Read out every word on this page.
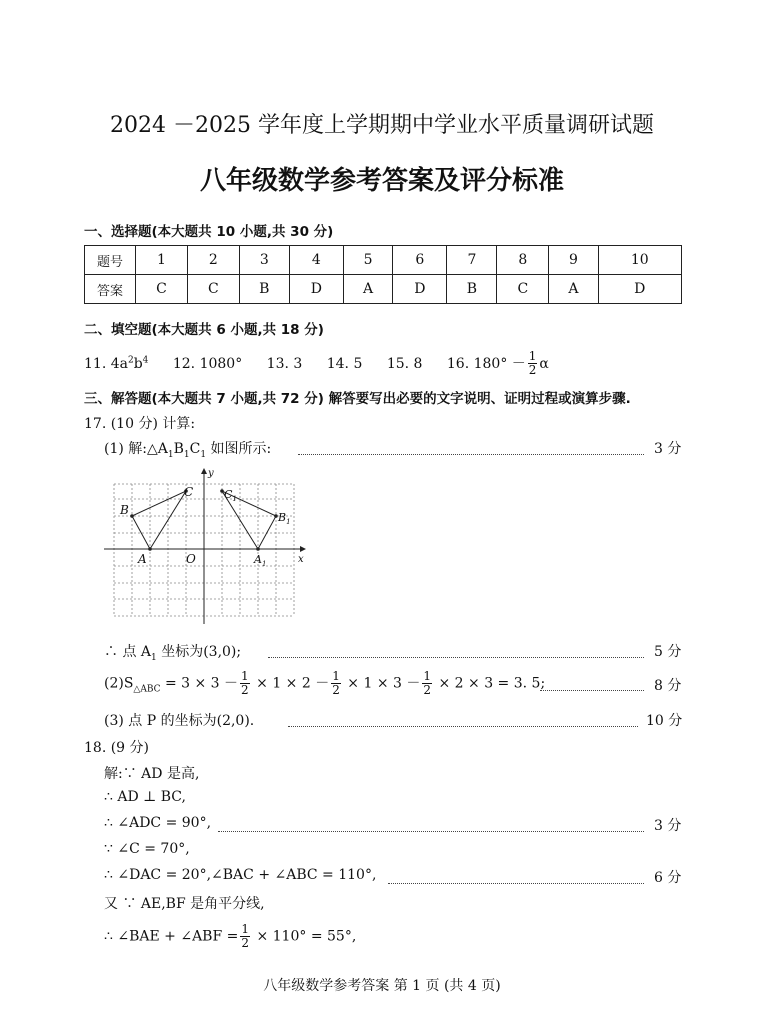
2024 －2025 学年度上学期期中学业水平质量调研试题
八年级数学参考答案及评分标准
一、选择题(本大题共 10 小题,共 30 分)
题号	1	2	3	4	5	6	7	8	9	10
答案	C	C	B	D	A	D	B	C	A	D
二、填空题(本大题共 6 小题,共 18 分)
11. $4a^2b^4$ 12. 1080° 13. 3 14. 5 15. 8 16. $180^\circ - \frac{1}{2}$ α
三、解答题(本大题共 7 小题,共 72 分) 解答要写出必要的文字说明、证明过程或演算步骤.
17. (10 分) 计算:
(1) 解$:\triangle A_1B_1C_1$ 如图所示:	3 分
B
A
C
O
$C_1$
$B_1$
$A_1$	x
y
∴ 点 $A_1$ 坐标为(3,0);	5 分
$(2)S_{\triangle ABC} = 3 \times 3 - \frac{1}{2} \times 1 \times 2 - \frac{1}{2} \times 1 \times 3 - \frac{1}{2} \times 2 \times 3 = 3$. 5;	8 分
(3) 点 P 的坐标为(2,0).	10 分
18. (9 分)
解:∵ AD 是高,
∴ AD ⊥ BC,
∴ ∠ADC = 90°,	3 分
∵ ∠C = 70°,
∴ ∠DAC = 20°,∠BAC + ∠ABC = 110°,	6 分
又 ∵ AE,BF 是角平分线,
∴ ∠BAE + ∠ABF = $\frac{1}{2} \times 110^\circ = 55^\circ$,
八年级数学参考答案 第 1 页 (共 4 页)
